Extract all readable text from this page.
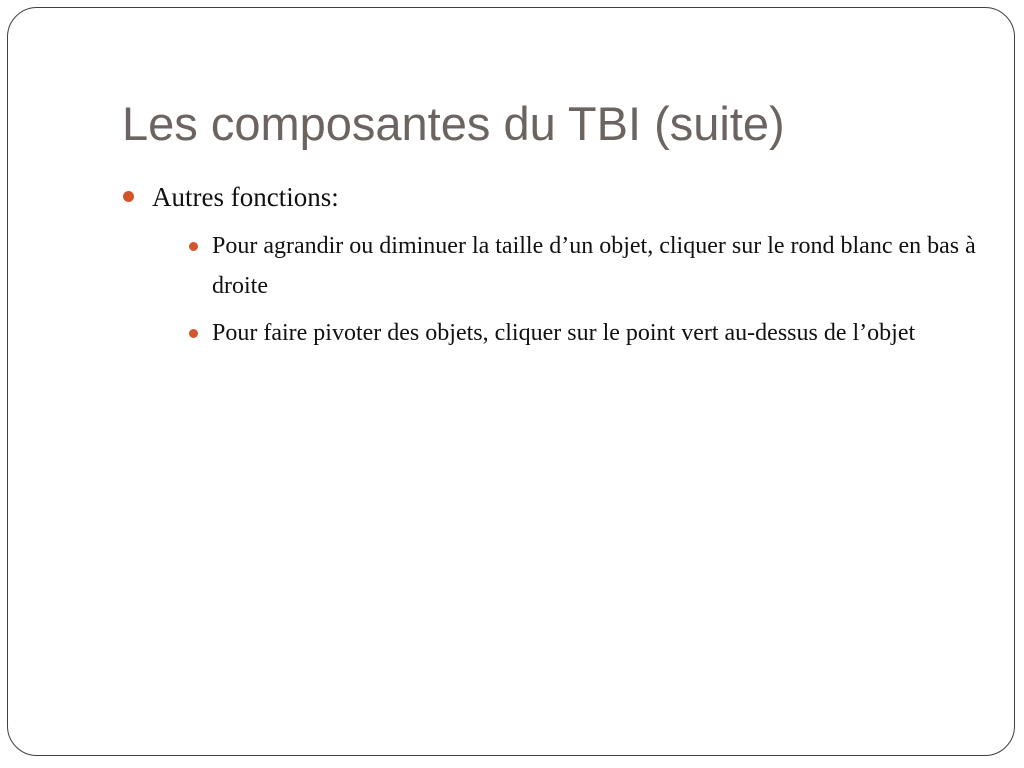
Les composantes du TBI (suite)
Autres fonctions:
Pour agrandir ou diminuer la taille d’un objet, cliquer sur le rond blanc en bas à droite
Pour faire pivoter des objets, cliquer sur le point vert au-dessus de l’objet
